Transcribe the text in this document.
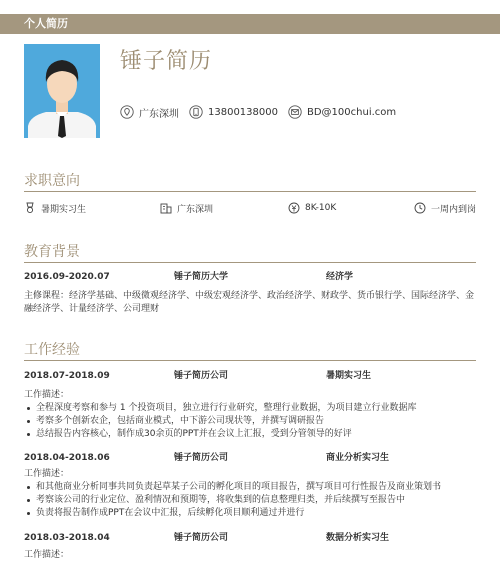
个人简历
锤子简历
广东深圳	13800138000	BD@100chui.com
求职意向
暑期实习生	广东深圳	8K-10K	一周内到岗
教育背景
2016.09-2020.07	锤子简历大学	经济学
主修课程：经济学基础、中级微观经济学、中级宏观经济学、政治经济学、财政学、货币银行学、国际经济学、金融经济学、计量经济学、公司理财
工作经验
2018.07-2018.09	锤子简历公司	暑期实习生
工作描述：
全程深度考察和参与 1 个投资项目，独立进行行业研究，整理行业数据，为项目建立行业数据库
考察多个创新农企，包括商业模式，中下游公司现状等，并撰写调研报告
总结报告内容核心，制作成30余页的PPT并在会议上汇报，受到分管领导的好评
2018.04-2018.06	锤子简历公司	商业分析实习生
工作描述：
和其他商业分析同事共同负责起草某子公司的孵化项目的项目报告，撰写项目可行性报告及商业策划书
考察该公司的行业定位、盈利情况和预期等，将收集到的信息整理归类，并后续撰写至报告中
负责将报告制作成PPT在会议中汇报，后续孵化项目顺利通过并进行
2018.03-2018.04	锤子简历公司	数据分析实习生
工作描述：
